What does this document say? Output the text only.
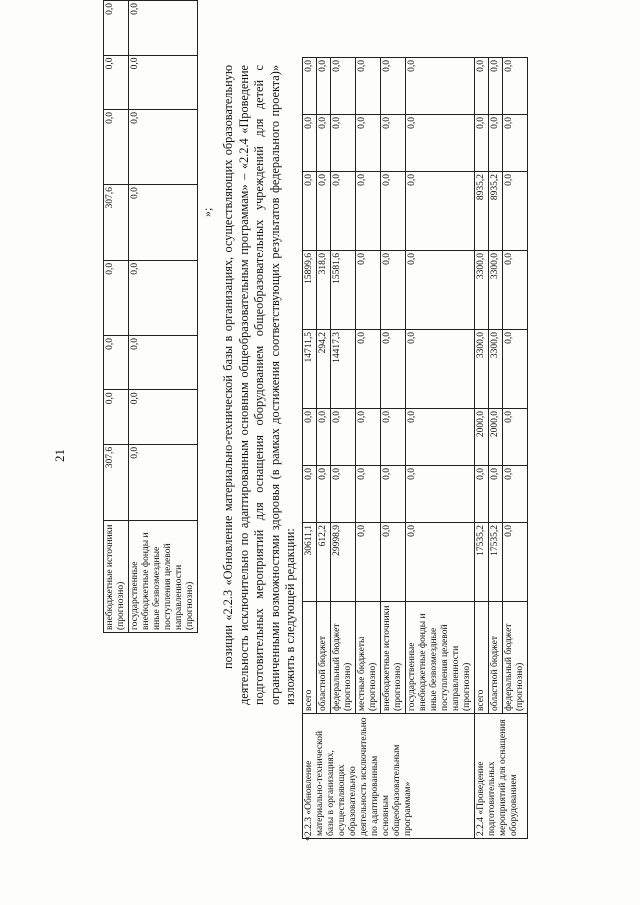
21
внебюджетные источники (прогнозно)	307,6	0,0	0,0	0,0	307,6	0,0	0,0	0,0
государственные внебюджетные фонды и иные безвозмездные поступления целевой направленности (прогнозно)	0,0	0,0	0,0	0,0	0,0	0,0	0,0	0,0
»; позиции «2.2.3 «Обновление материально-технической базы в организациях, осуществляющих образовательную деятельность исключительно по адаптированным основным общеобразовательным программам» – «2.2.4 «Проведение подготовительных мероприятий для оснащения оборудованием общеобразовательных учреждений для детей с ограниченными возможностями здоровья (в рамках достижения соответствующих результатов федерального проекта)» изложить в следующей редакции:

«
2.2.3 «Обновление материально-технической базы в организациях, осуществляющих образовательную деятельность исключительно по адаптированным основным общеобразовательным программам»	всего	30611,1	0,0	0,0	14711,5	15899,6	0,0	0,0	0,0
	областной бюджет	612,2	0,0	0,0	294,2	318,0	0,0	0,0	0,0
	федеральный бюджет (прогнозно)	29998,9	0,0	0,0	14417,3	15581,6	0,0	0,0	0,0
	местные бюджеты (прогнозно)	0,0	0,0	0,0	0,0	0,0	0,0	0,0	0,0
	внебюджетные источники (прогнозно)	0,0	0,0	0,0	0,0	0,0	0,0	0,0	0,0
	государственные внебюджетные фонды и иные безвозмездные поступления целевой направленности (прогнозно)	0,0	0,0	0,0	0,0	0,0	0,0	0,0	0,0
2.2.4 «Проведение подготовительных мероприятий для оснащения оборудованием	всего	17535,2	0,0	2000,0	3300,0	3300,0	8935,2	0,0	0,0
	областной бюджет	17535,2	0,0	2000,0	3300,0	3300,0	8935,2	0,0	0,0
	федеральный бюджет (прогнозно)	0,0	0,0	0,0	0,0	0,0	0,0	0,0	0,0
